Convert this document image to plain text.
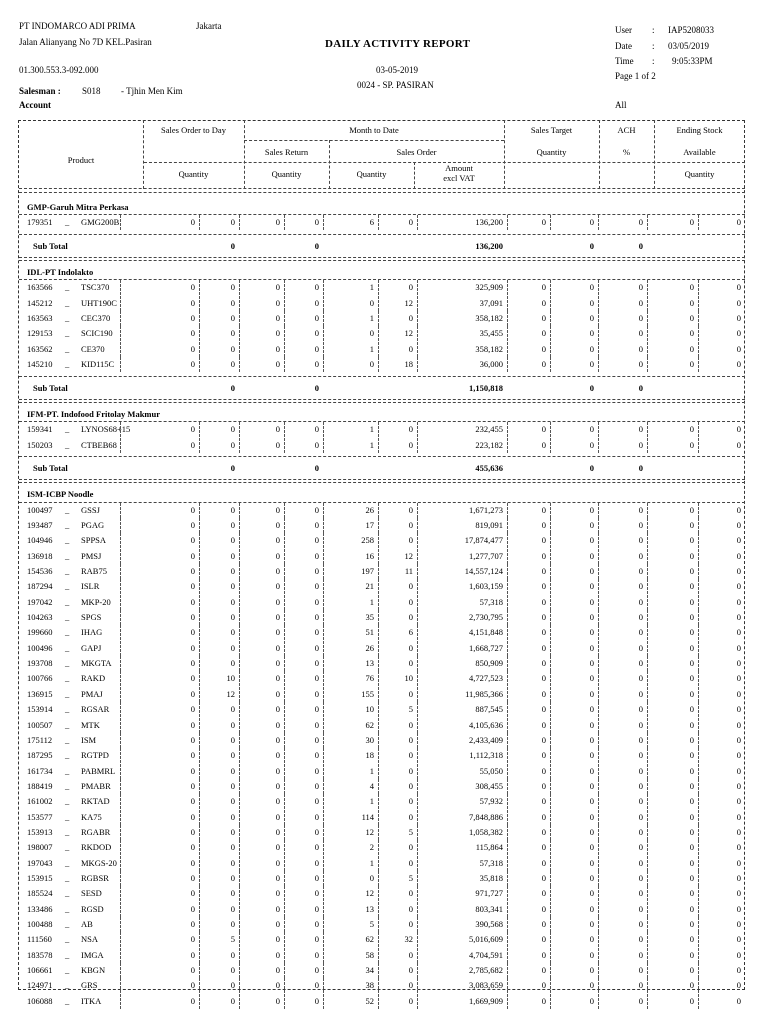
PT INDOMARCO ADI PRIMA	Jakarta
Jalan Alianyang No 7D KEL.Pasiran	DAILY ACTIVITY REPORT
01.300.553.3-092.000	03-05-2019
0024 - SP. PASIRAN
Salesman : S018 - Tjhin Men Kim
Account	All
User : IAP5208033
Date : 03/05/2019
Time : 9:05:33PM
Page 1 of 2
Product
Sales Order to Day	Month to Date
Sales Return	Sales Order
Quantity	Quantity	Quantity
Amount
excl VAT
Sales Target
Quantity
ACH
%
Ending Stock
Available
Quantity
GMP-Garuh Mitra Perkasa
179351 _ GMG200B	0	0	0	0	6	0	136,200	0	0	0	0	0
Sub Total	0	0	136,200	0	0
IDL-PT Indolakto
163566 _ TSC370	0	0	0	0	1	0	325,909	0	0	0	0	0
145212 _ UHT190C	0	0	0	0	0	12	37,091	0	0	0	0	0
163563 _ CEC370	0	0	0	0	1	0	358,182	0	0	0	0	0
129153 _ SCIC190	0	0	0	0	0	12	35,455	0	0	0	0	0
163562 _ CE370	0	0	0	0	1	0	358,182	0	0	0	0	0
145210 _ KID115C	0	0	0	0	0	18	36,000	0	0	0	0	0
Sub Total	0	0	1,150,818	0	0
IFM-PT. Indofood Fritolay Makmur
159341 _ LYNOS68+15	0	0	0	0	1	0	232,455	0	0	0	0	0
150203 _ CTBEB68	0	0	0	0	1	0	223,182	0	0	0	0	0
Sub Total	0	0	455,636	0	0
ISM-ICBP Noodle
100497 _ GSSJ	0	0	0	0	26	0	1,671,273	0	0	0	0	0
193487 _ PGAG	0	0	0	0	17	0	819,091	0	0	0	0	0
104946 _ SPPSA	0	0	0	0	258	0	17,874,477	0	0	0	0	0
136918 _ PMSJ	0	0	0	0	16	12	1,277,707	0	0	0	0	0
154536 _ RAB75	0	0	0	0	197	11	14,557,124	0	0	0	0	0
187294 _ ISLR	0	0	0	0	21	0	1,603,159	0	0	0	0	0
197042 _ MKP-20	0	0	0	0	1	0	57,318	0	0	0	0	0
104263 _ SPGS	0	0	0	0	35	0	2,730,795	0	0	0	0	0
199660 _ IHAG	0	0	0	0	51	6	4,151,848	0	0	0	0	0
100496 _ GAPJ	0	0	0	0	26	0	1,668,727	0	0	0	0	0
193708 _ MKGTA	0	0	0	0	13	0	850,909	0	0	0	0	0
100766 _ RAKD	0	10	0	0	76	10	4,727,523	0	0	0	0	0
136915 _ PMAJ	0	12	0	0	155	0	11,985,366	0	0	0	0	0
153914 _ RGSAR	0	0	0	0	10	5	887,545	0	0	0	0	0
100507 _ MTK	0	0	0	0	62	0	4,105,636	0	0	0	0	0
175112 _ ISM	0	0	0	0	30	0	2,433,409	0	0	0	0	0
187295 _ RGTPD	0	0	0	0	18	0	1,112,318	0	0	0	0	0
161734 _ PABMRL	0	0	0	0	1	0	55,050	0	0	0	0	0
188419 _ PMABR	0	0	0	0	4	0	308,455	0	0	0	0	0
161002 _ RKTAD	0	0	0	0	1	0	57,932	0	0	0	0	0
153577 _ KA75	0	0	0	0	114	0	7,848,886	0	0	0	0	0
153913 _ RGABR	0	0	0	0	12	5	1,058,382	0	0	0	0	0
198007 _ RKDOD	0	0	0	0	2	0	115,864	0	0	0	0	0
197043 _ MKGS-20	0	0	0	0	1	0	57,318	0	0	0	0	0
153915 _ RGBSR	0	0	0	0	0	5	35,818	0	0	0	0	0
185524 _ SESD	0	0	0	0	12	0	971,727	0	0	0	0	0
133486 _ RGSD	0	0	0	0	13	0	803,341	0	0	0	0	0
100488 _ AB	0	0	0	0	5	0	390,568	0	0	0	0	0
111560 _ NSA	0	5	0	0	62	32	5,016,609	0	0	0	0	0
183578 _ IMGA	0	0	0	0	58	0	4,704,591	0	0	0	0	0
106661 _ KBGN	0	0	0	0	34	0	2,785,682	0	0	0	0	0
124971 _ GRS	0	0	0	0	38	0	3,083,659	0	0	0	0	0
106088 _ ITKA	0	0	0	0	52	0	1,669,909	0	0	0	0	0
